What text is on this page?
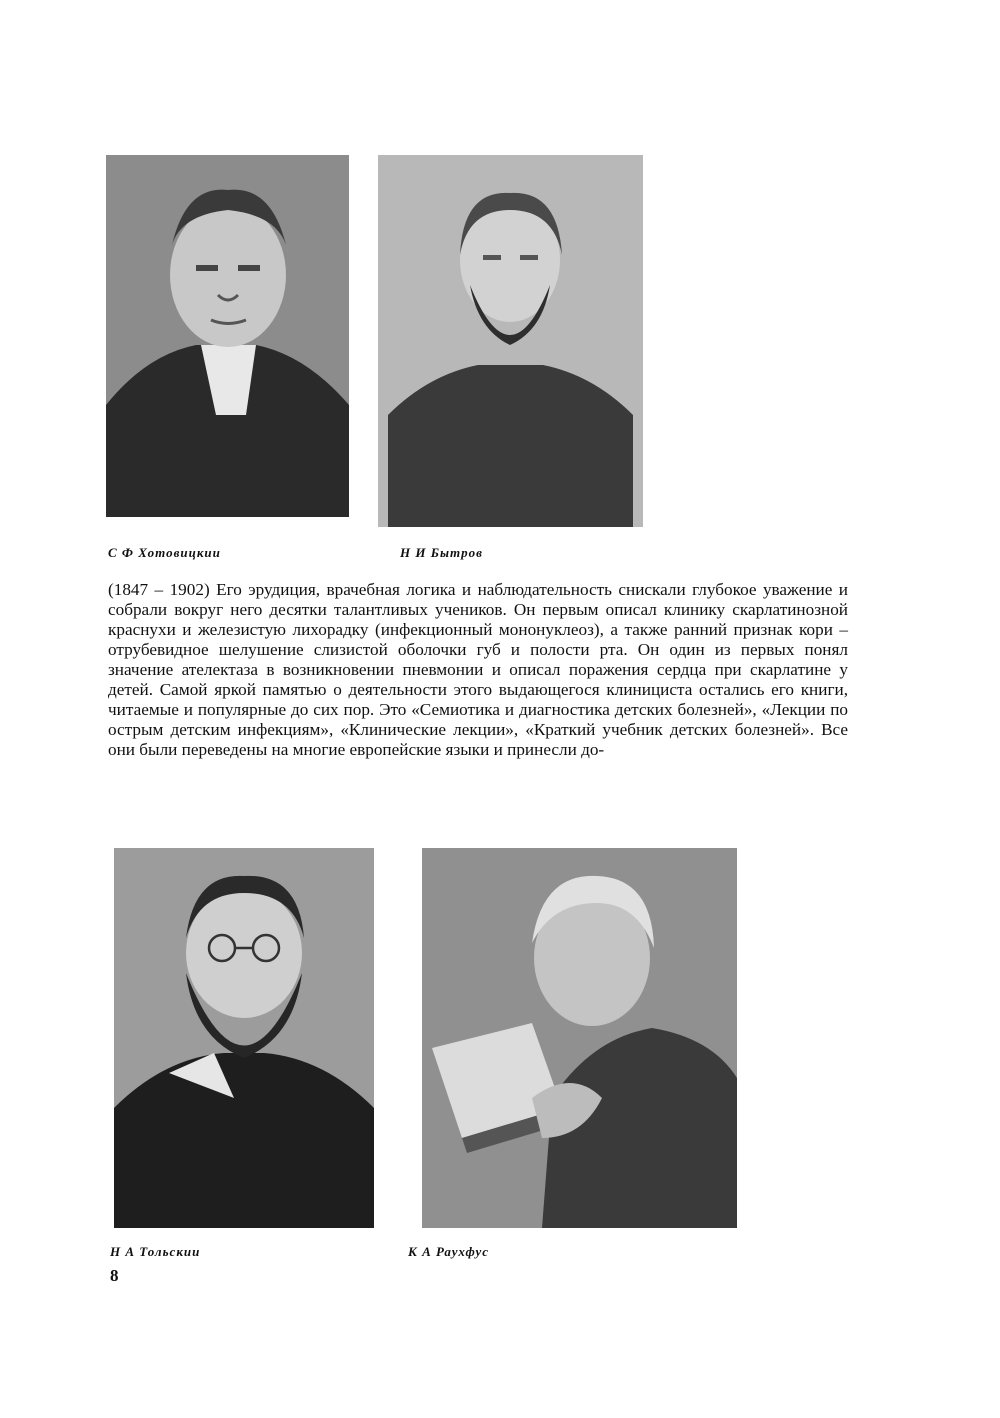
С Ф Хотовицкии	Н И Бытров

(1847 – 1902) Его эрудиция, врачебная логика и наблюдательность снискали глубокое уважение и собрали вокруг него десятки талантливых учеников. Он первым описал клинику скарлатинозной краснухи и железистую лихорадку (инфекционный мононуклеоз), а также ранний признак кори – отрубевидное шелушение слизистой оболочки губ и полости рта. Он один из первых понял значение ателектаза в возникновении пневмонии и описал поражения сердца при скарлатине у детей. Самой яркой памятью о деятельности этого выдающегося клинициста остались его книги, читаемые и популярные до сих пор. Это «Семиотика и диагностика детских болезней», «Лекции по острым детским инфекциям», «Клинические лекции», «Краткий учебник детских болезней». Все они были переведены на многие европейские языки и принесли до-

Н А Тольскии	К А Раухфус
8
